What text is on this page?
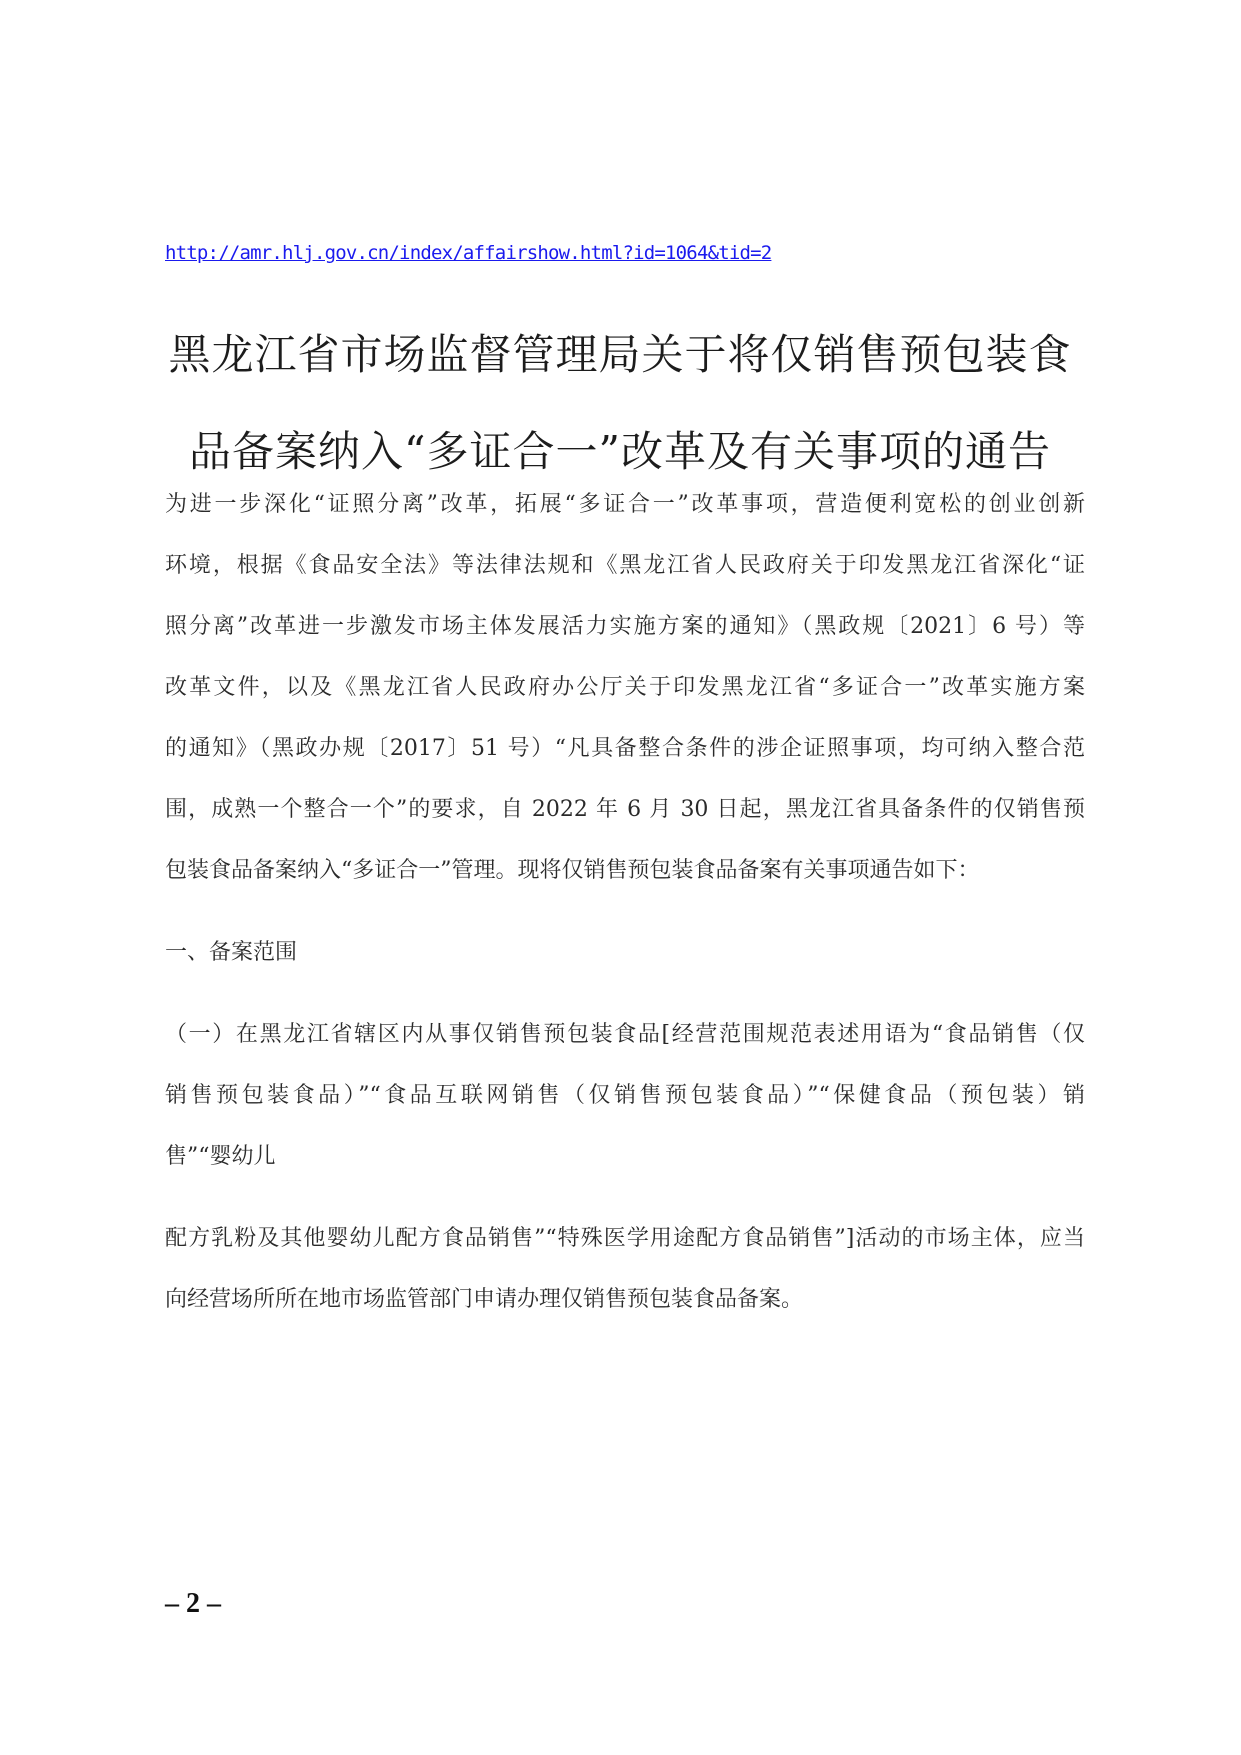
http://amr.hlj.gov.cn/index/affairshow.html?id=1064&tid=2
黑龙江省市场监督管理局关于将仅销售预包装食
品备案纳入“多证合一”改革及有关事项的通告
为进一步深化“证照分离”改革，拓展“多证合一”改革事项，营造便利宽松的创业创新
环境，根据《食品安全法》等法律法规和《黑龙江省人民政府关于印发黑龙江省深化“证
照分离”改革进一步激发市场主体发展活力实施方案的通知》（黑政规〔2021〕6 号）等
改革文件，以及《黑龙江省人民政府办公厅关于印发黑龙江省“多证合一”改革实施方案
的通知》（黑政办规〔2017〕51 号）“凡具备整合条件的涉企证照事项，均可纳入整合范
围，成熟一个整合一个”的要求，自 2022 年 6 月 30 日起，黑龙江省具备条件的仅销售预
包装食品备案纳入“多证合一”管理。现将仅销售预包装食品备案有关事项通告如下：
一、备案范围
（一）在黑龙江省辖区内从事仅销售预包装食品[经营范围规范表述用语为“食品销售（仅
销售预包装食品）”“食品互联网销售（仅销售预包装食品）”“保健食品（预包装）销
售”“婴幼儿
配方乳粉及其他婴幼儿配方食品销售”“特殊医学用途配方食品销售”]活动的市场主体，应当
向经营场所所在地市场监管部门申请办理仅销售预包装食品备案。
– 2 –
